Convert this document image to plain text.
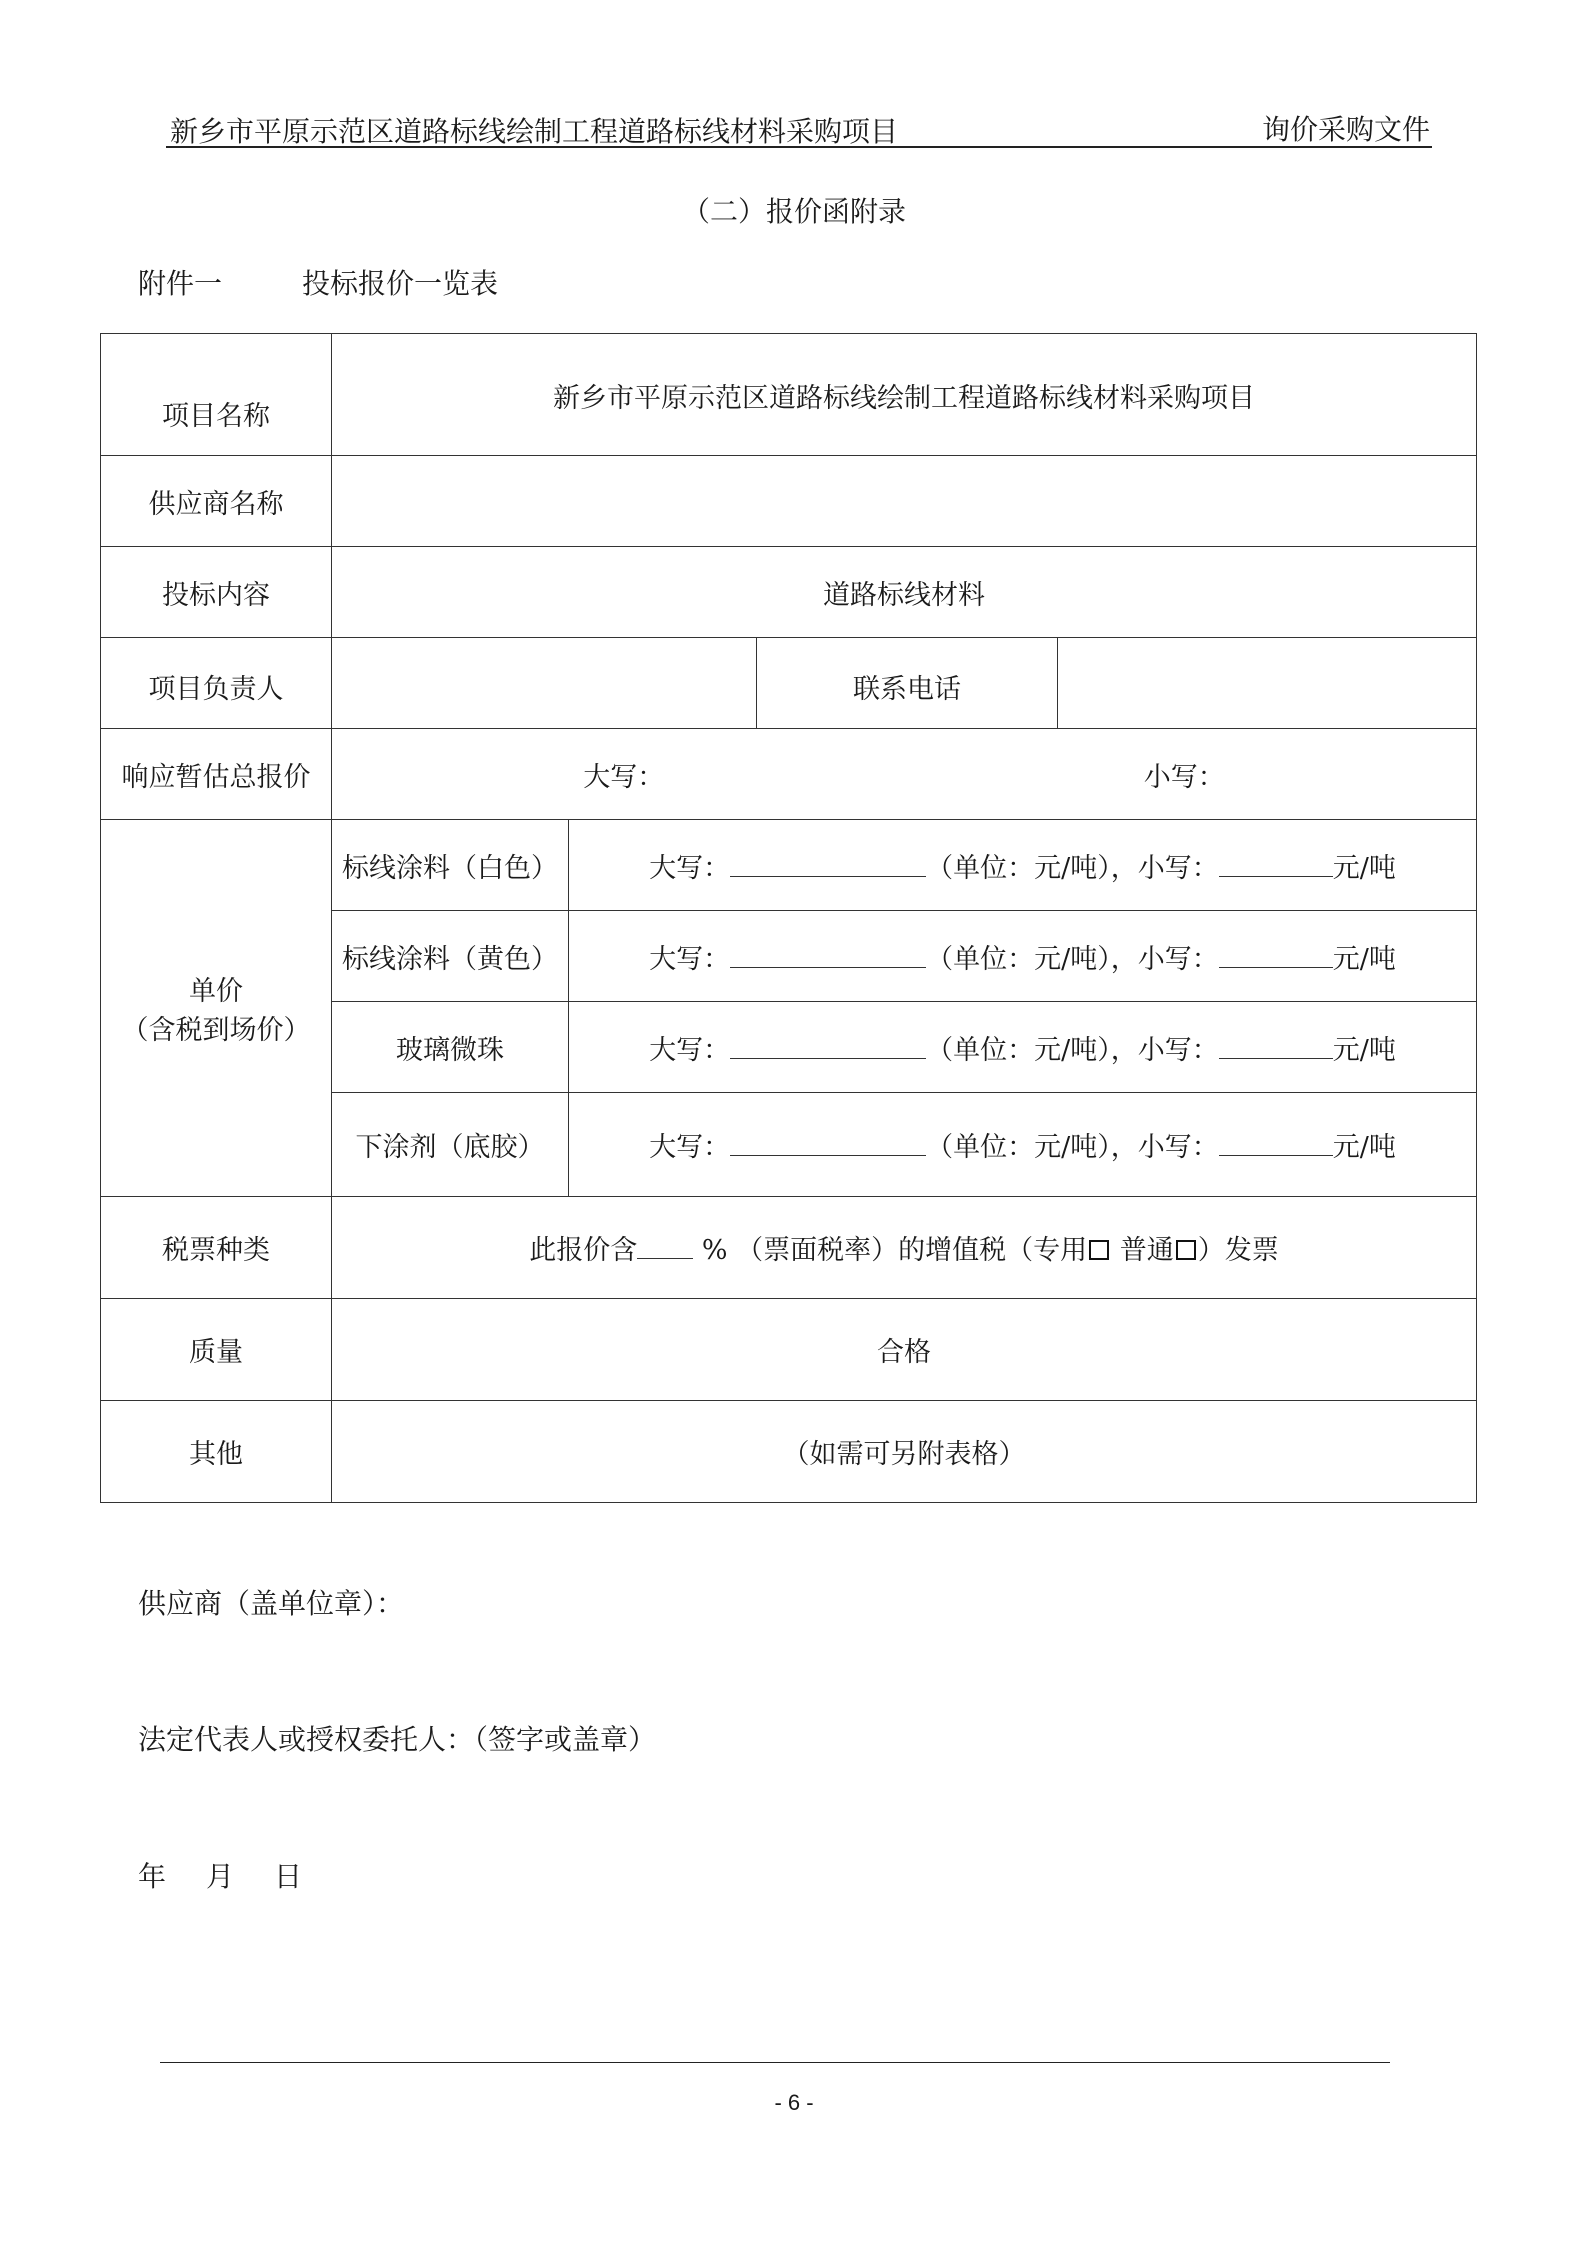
新乡市平原示范区道路标线绘制工程道路标线材料采购项目	询价采购文件
（二）报价函附录
附件一	投标报价一览表
项目名称	新乡市平原示范区道路标线绘制工程道路标线材料采购项目			
供应商名称				
投标内容	道路标线材料			
项目负责人			联系电话	
响应暂估总报价	大写： 小写：			

单价
（含税到场价）	标线涂料（白色）	大写： （单位：元/吨），小写： 元/吨		
	标线涂料（黄色）	大写： （单位：元/吨），小写： 元/吨		
	玻璃微珠	大写： （单位：元/吨），小写： 元/吨		
	下涂剂（底胶）	大写： （单位：元/吨），小写： 元/吨		
税票种类	此报价含 % （票面税率）的增值税（专用 普通 ）发票			
质量	合格			
其他	（如需可另附表格）			
供应商（盖单位章）：
法定代表人或授权委托人：（签字或盖章）
年 月 日
- 6 -
